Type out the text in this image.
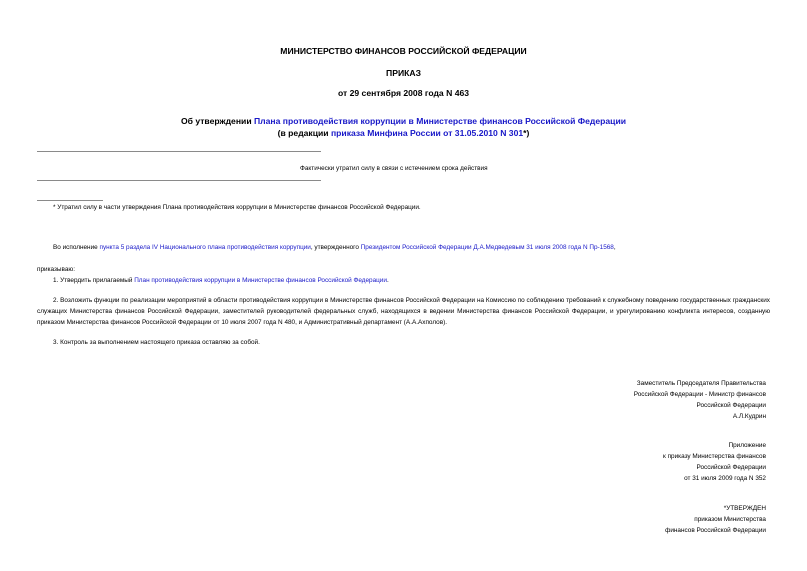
МИНИСТЕРСТВО ФИНАНСОВ РОССИЙСКОЙ ФЕДЕРАЦИИ
ПРИКАЗ
от 29 сентября 2008 года N 463
Об утверждении Плана противодействия коррупции в Министерстве финансов Российской Федерации
(в редакции приказа Минфина России от 31.05.2010 N 301*)
Фактически утратил силу в связи с истечением срока действия
* Утратил силу в части утверждения Плана противодействия коррупции в Министерстве финансов Российской Федерации.
Во исполнение пункта 5 раздела IV Национального плана противодействия коррупции, утвержденного Президентом Российской Федерации Д.А.Медведевым 31 июля 2008 года N Пр-1568,
приказываю:
1. Утвердить прилагаемый План противодействия коррупции в Министерстве финансов Российской Федерации.
2. Возложить функции по реализации мероприятий в области противодействия коррупции в Министерстве финансов Российской Федерации на Комиссию по соблюдению требований к служебному поведению государственных гражданских служащих Министерства финансов Российской Федерации, заместителей руководителей федеральных служб, находящихся в ведении Министерства финансов Российской Федерации, и урегулированию конфликта интересов, созданную приказом Министерства финансов Российской Федерации от 10 июля 2007 года N 480, и Административный департамент (А.А.Ахполов).
3. Контроль за выполнением настоящего приказа оставляю за собой.
Заместитель Председателя Правительства
Российской Федерации - Министр финансов
Российской Федерации
А.Л.Кудрин
Приложение
к приказу Министерства финансов
Российской Федерации
от 31 июля 2009 года N 352
*УТВЕРЖДЕН
приказом Министерства
финансов Российской Федерации
